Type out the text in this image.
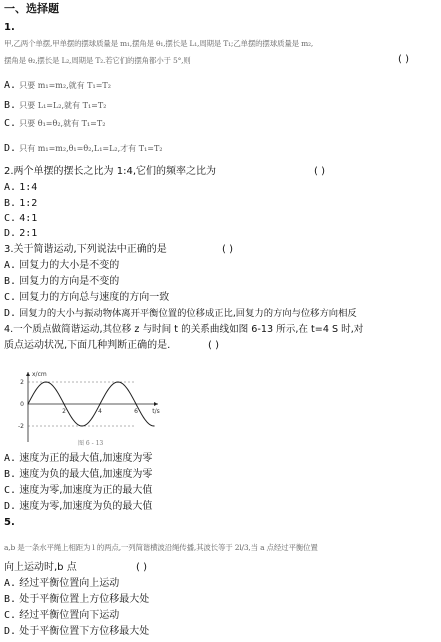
一、选择题
1.
甲,乙两个单摆,甲单摆的摆球质量是 m₁,摆角是 θ₁,摆长是 L₁,周期是 T₁;乙单摆的摆球质量是 m₂,
摆角是 θ₂,摆长是 L₂,周期是 T₂.若它们的摆角都小于 5°,则	( )
A. 只要 m₁=m₂,就有 T₁=T₂
B. 只要 L₁=L₂,就有 T₁=T₂
C. 只要 θ₁=θ₂,就有 T₁=T₂
D. 只有 m₁=m₂,θ₁=θ₂,L₁=L₂,才有 T₁=T₂
2.两个单摆的摆长之比为 1:4,它们的频率之比为	( )
A. 1:4
B. 1:2
C. 4:1
D. 2:1
3.关于简谐运动,下列说法中正确的是	( )
A. 回复力的大小是不变的
B. 回复力的方向是不变的
C. 回复力的方向总与速度的方向一致
D. 回复力的大小与振动物体离开平衡位置的位移成正比,回复力的方向与位移方向相反
4.一个质点做简谐运动,其位移 z 与时间 t 的关系曲线如图 6-13 所示,在 t=4 S 时,对
质点运动状况,下面几种判断正确的是.	( )
2	4	6
2
0
-2
x/cm
t/s
图 6 - 13
A. 速度为正的最大值,加速度为零
B. 速度为负的最大值,加速度为零
C. 速度为零,加速度为正的最大值
D. 速度为零,加速度为负的最大值
5.
a,b 是一条水平绳上相距为 l 的两点,一列简谐横波沿绳传播,其波长等于 2l/3,当 a 点经过平衡位置
向上运动时,b 点	( )
A. 经过平衡位置向上运动
B. 处于平衡位置上方位移最大处
C. 经过平衡位置向下运动
D. 处于平衡位置下方位移最大处
